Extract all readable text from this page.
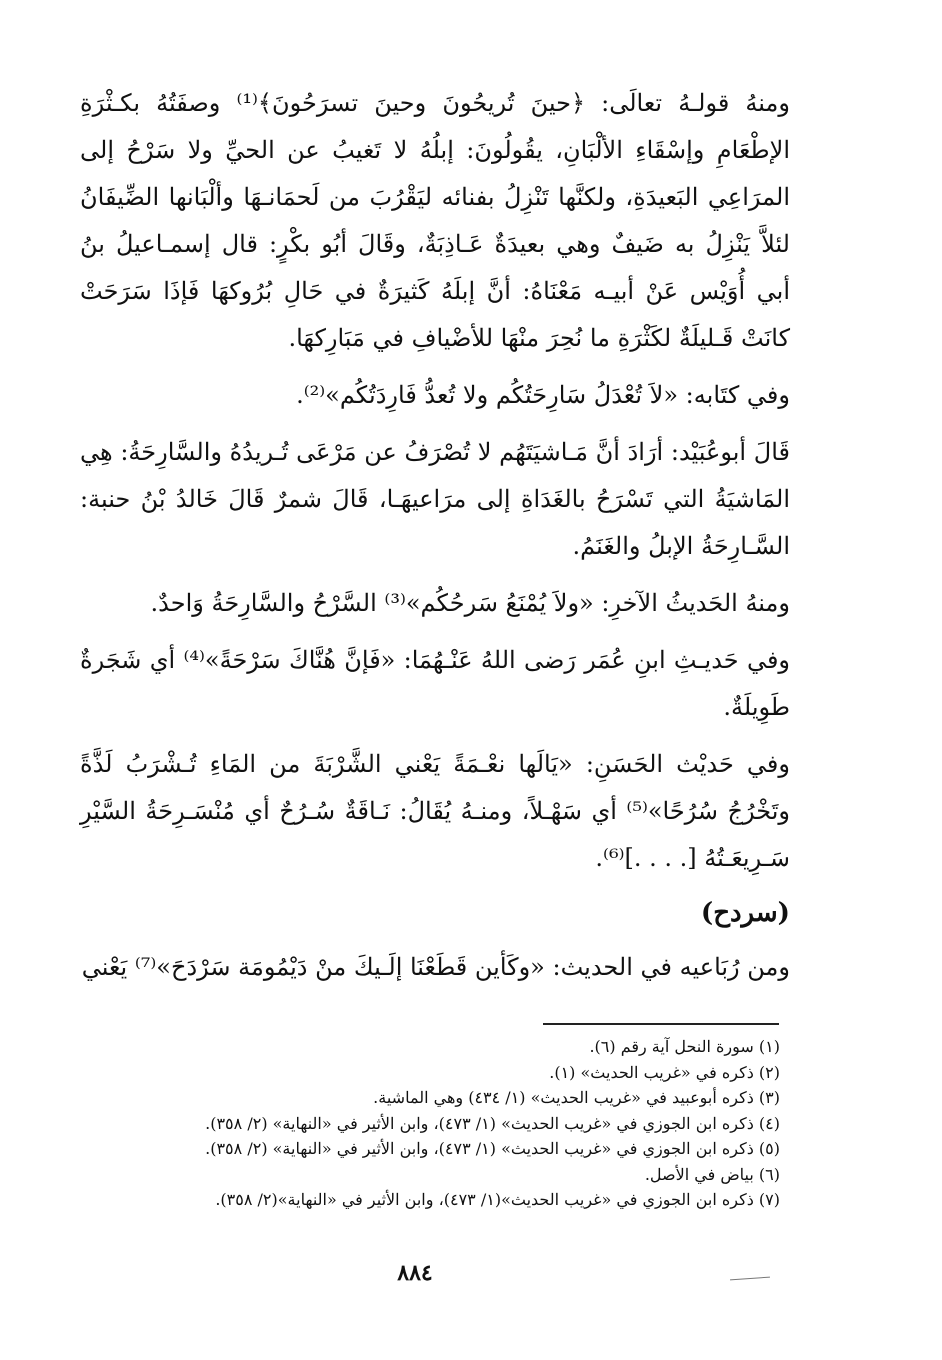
ومنهُ قولـهُ تعالَى: ﴿حينَ تُريحُونَ وحينَ تسرَحُونَ﴾⁽¹⁾ وصفَتُهُ بكـثْرَةِ الإطْعَامِ وإسْقَاءِ الألْبَانِ، يقُولُونَ: إبلُهُ لا تَغيبُ عن الحيِّ ولا سَرْحُ إلى المرَاعِي البَعيدَةِ، ولكنَّها تَنْزِلُ بفنائه ليَقْرُبَ من لَحمَانـهَا وألْبَانها الضِّيفَانُ لئلاَّ يَنْزِلُ به ضَيفٌ وهي بعيدَةٌ عَـاذِبَةٌ، وقَالَ أبُو بكْرٍ: قال إسمـاعيلُ بنُ أبي أُوَيْس عَنْ أبيـه مَعْنَاهُ: أنَّ إبلَهُ كَثيرَةٌ في حَالِ بُرُوكهَا فَإذَا سَرَحَتْ كانَتْ قَـليلَةٌ لكَثْرَةِ ما نُحِرَ منْهَا للأضْيافِ في مَبَارِكهَا.

وفي كتَابه: «لاَ تُعْدَلُ سَارِحَتُكُم ولا تُعدُّ فَارِدَتُكُم»⁽²⁾.

قَالَ أبوعُبَيْد: أرَادَ أنَّ مَـاشيَتَهُم لا تُصْرَفُ عن مَرْعَى تُـريدُهُ والسَّارِحَةُ: هِي المَاشيَةُ التي تَسْرَحُ بالغَدَاةِ إلى مرَاعيهَـا، قَالَ شمرٌ قَالَ خَالدُ بْنُ حنبة: السَّـارِحَةُ الإبلُ والغَنَمُ.

ومنهُ الحَديثُ الآخرِ: «ولاَ يُمْنَعُ سَرحُكُم»⁽³⁾ السَّرْحُ والسَّارِحَةُ وَاحدٌ.

وفي حَديـثِ ابنِ عُمَر رَضى اللهُ عَنْـهُمَا: «فَإنَّ هُنَّاكَ سَرْحَةً»⁽⁴⁾ أي شَجَرةٌ طَوِيلَةٌ.

وفي حَديْث الحَسَنِ: «يَالَها نعْـمَةً يَعْني الشَّرْبَةَ من المَاءِ تُـشْرَبُ لَذَّةً وتَخْرُجُ سُرُحًا»⁽⁵⁾ أي سَهْـلاً، ومنـهُ يُقَالُ: نَـاقَةٌ سُـرُحٌ أي مُنْسَـرِحَةُ السَّيْرِ سَـرِيعَـتُهُ [. . . .]⁽⁶⁾.

(سردح)
ومن رُبَاعيه في الحديث: «وكَأين قَطَعْنَا إلَـيكَ منْ دَيْمُومَة سَرْدَحَ»⁽⁷⁾ يَعْني

(١) سورة النحل آية رقم (٦).

(٢) ذكره في «غريب الحديث» (١).

(٣) ذكره أبوعبيد في «غريب الحديث» (١/ ٤٣٤) وهي الماشية.

(٤) ذكره ابن الجوزي في «غريب الحديث» (١/ ٤٧٣)، وابن الأثير في «النهاية» (٢/ ٣٥٨).

(٥) ذكره ابن الجوزي في «غريب الحديث» (١/ ٤٧٣)، وابن الأثير في «النهاية» (٢/ ٣٥٨).

(٦) بياض في الأصل.

(٧) ذكره ابن الجوزي في «غريب الحديث»(١/ ٤٧٣)، وابن الأثير في «النهاية»(٢/ ٣٥٨).

٨٨٤
